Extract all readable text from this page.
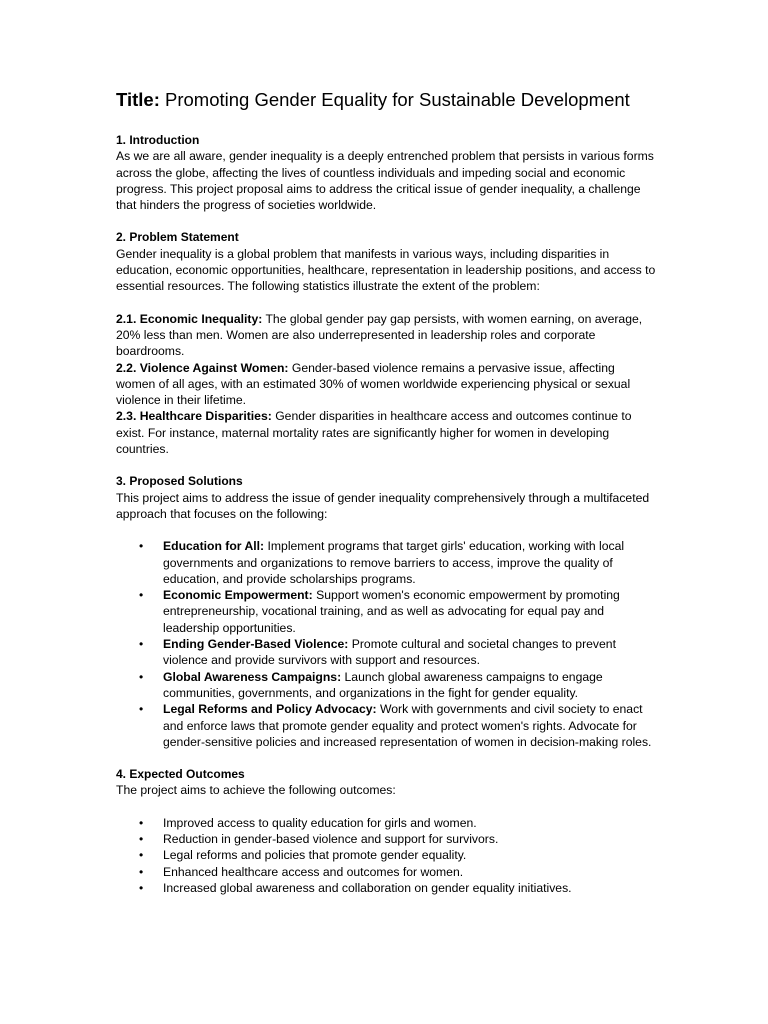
Title: Promoting Gender Equality for Sustainable Development

1. Introduction

As we are all aware, gender inequality is a deeply entrenched problem that persists in various forms across the globe, affecting the lives of countless individuals and impeding social and economic progress. This project proposal aims to address the critical issue of gender inequality, a challenge that hinders the progress of societies worldwide.

2. Problem Statement

Gender inequality is a global problem that manifests in various ways, including disparities in education, economic opportunities, healthcare, representation in leadership positions, and access to essential resources. The following statistics illustrate the extent of the problem:

2.1. Economic Inequality: The global gender pay gap persists, with women earning, on average, 20% less than men. Women are also underrepresented in leadership roles and corporate boardrooms.

2.2. Violence Against Women: Gender-based violence remains a pervasive issue, affecting women of all ages, with an estimated 30% of women worldwide experiencing physical or sexual violence in their lifetime.

2.3. Healthcare Disparities: Gender disparities in healthcare access and outcomes continue to exist. For instance, maternal mortality rates are significantly higher for women in developing countries.

3. Proposed Solutions

This project aims to address the issue of gender inequality comprehensively through a multifaceted approach that focuses on the following:

• Education for All: Implement programs that target girls' education, working with local governments and organizations to remove barriers to access, improve the quality of education, and provide scholarships programs.
• Economic Empowerment: Support women's economic empowerment by promoting entrepreneurship, vocational training, and as well as advocating for equal pay and leadership opportunities.
• Ending Gender-Based Violence: Promote cultural and societal changes to prevent violence and provide survivors with support and resources.
• Global Awareness Campaigns: Launch global awareness campaigns to engage communities, governments, and organizations in the fight for gender equality.
• Legal Reforms and Policy Advocacy: Work with governments and civil society to enact and enforce laws that promote gender equality and protect women's rights. Advocate for gender-sensitive policies and increased representation of women in decision-making roles.

4. Expected Outcomes

The project aims to achieve the following outcomes:

• Improved access to quality education for girls and women.
• Reduction in gender-based violence and support for survivors.
• Legal reforms and policies that promote gender equality.
• Enhanced healthcare access and outcomes for women.
• Increased global awareness and collaboration on gender equality initiatives.
